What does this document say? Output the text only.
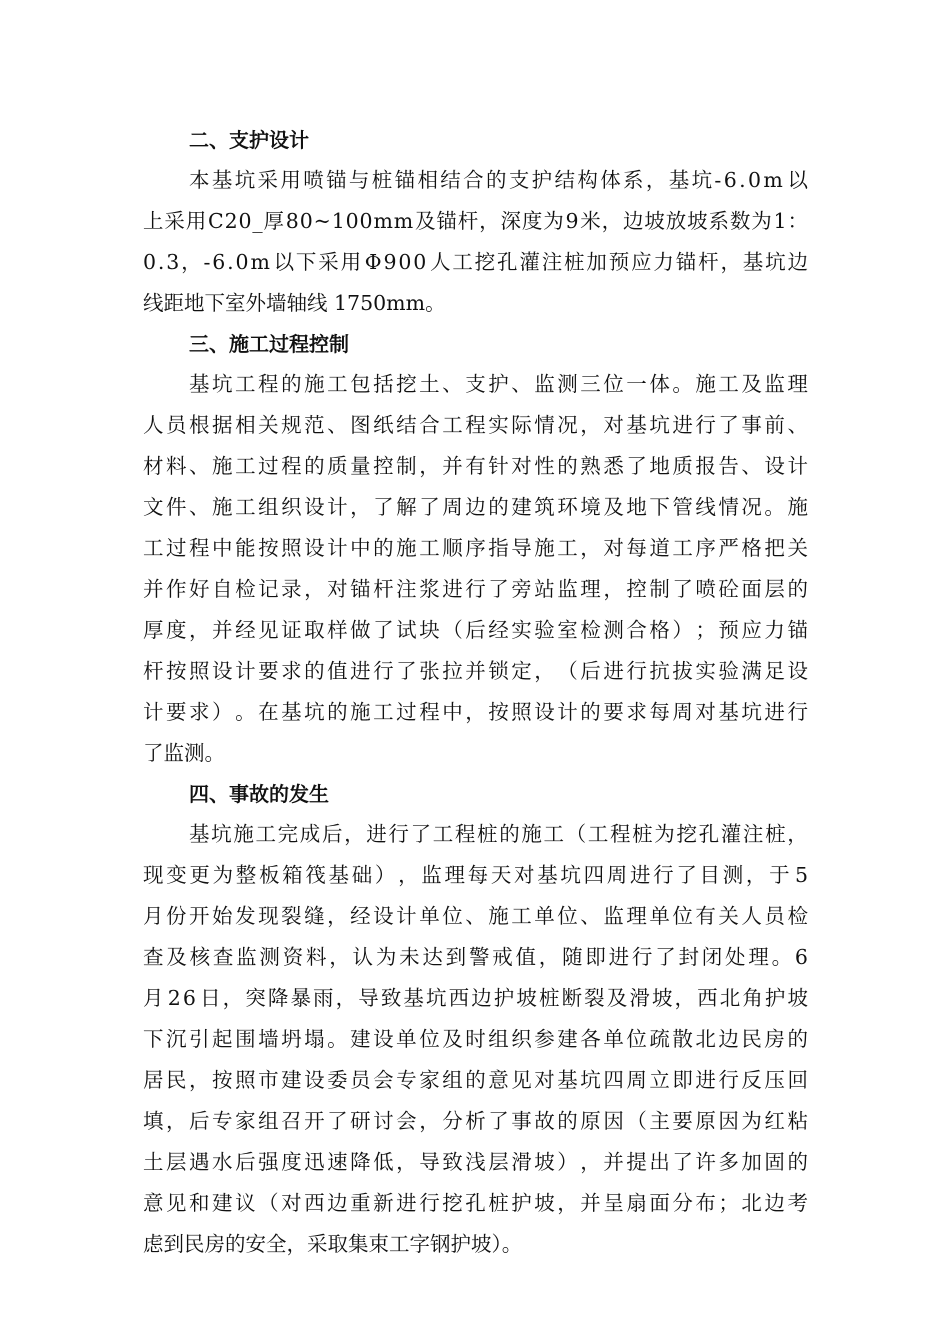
二、支护设计
本 基 坑 采 用 喷 锚 与 桩 锚 相 结 合 的 支 护 结 构 体 系 ， 基 坑 - 6 . 0 m 以
上 采 用 C 2 0 _ 厚 8 0 ~ 1 0 0 m m 及 锚 杆 ， 深 度 为 9 米 ， 边 坡 放 坡 系 数 为 1 ：
0 . 3 ， - 6 . 0 m 以 下 采 用 Φ 9 0 0 人 工 挖 孔 灌 注 桩 加 预 应 力 锚 杆 ， 基 坑 边
线距地下室外墙轴线 1750mm。
三、施工过程控制
基 坑 工 程 的 施 工 包 括 挖 土 、 支 护 、 监 测 三 位 一 体 。 施 工 及 监 理
人 员 根 据 相 关 规 范 、 图 纸 结 合 工 程 实 际 情 况 ， 对 基 坑 进 行 了 事 前 、
材 料 、 施 工 过 程 的 质 量 控 制 ， 并 有 针 对 性 的 熟 悉 了 地 质 报 告 、 设 计
文 件 、 施 工 组 织 设 计 ， 了 解 了 周 边 的 建 筑 环 境 及 地 下 管 线 情 况 。 施
工 过 程 中 能 按 照 设 计 中 的 施 工 顺 序 指 导 施 工 ， 对 每 道 工 序 严 格 把 关
并 作 好 自 检 记 录 ， 对 锚 杆 注 浆 进 行 了 旁 站 监 理 ， 控 制 了 喷 砼 面 层 的
厚 度 ， 并 经 见 证 取 样 做 了 试 块 （ 后 经 实 验 室 检 测 合 格 ） ； 预 应 力 锚
杆 按 照 设 计 要 求 的 值 进 行 了 张 拉 并 锁 定 ， （ 后 进 行 抗 拔 实 验 满 足 设
计 要 求 ） 。 在 基 坑 的 施 工 过 程 中 ， 按 照 设 计 的 要 求 每 周 对 基 坑 进 行
了监测。
四、事故的发生
基 坑 施 工 完 成 后 ， 进 行 了 工 程 桩 的 施 工 （ 工 程 桩 为 挖 孔 灌 注 桩 ，
现 变 更 为 整 板 箱 筏 基 础 ） ， 监 理 每 天 对 基 坑 四 周 进 行 了 目 测 ， 于 5
月 份 开 始 发 现 裂 缝 ， 经 设 计 单 位 、 施 工 单 位 、 监 理 单 位 有 关 人 员 检
查 及 核 查 监 测 资 料 ， 认 为 未 达 到 警 戒 值 ， 随 即 进 行 了 封 闭 处 理 。 6
月 2 6 日 ， 突 降 暴 雨 ， 导 致 基 坑 西 边 护 坡 桩 断 裂 及 滑 坡 ， 西 北 角 护 坡
下 沉 引 起 围 墙 坍 塌 。 建 设 单 位 及 时 组 织 参 建 各 单 位 疏 散 北 边 民 房 的
居 民 ， 按 照 市 建 设 委 员 会 专 家 组 的 意 见 对 基 坑 四 周 立 即 进 行 反 压 回
填 ， 后 专 家 组 召 开 了 研 讨 会 ， 分 析 了 事 故 的 原 因 （ 主 要 原 因 为 红 粘
土 层 遇 水 后 强 度 迅 速 降 低 ， 导 致 浅 层 滑 坡 ） ， 并 提 出 了 许 多 加 固 的
意 见 和 建 议 （ 对 西 边 重 新 进 行 挖 孔 桩 护 坡 ， 并 呈 扇 面 分 布 ； 北 边 考
虑到民房的安全，采取集束工字钢护坡）。
